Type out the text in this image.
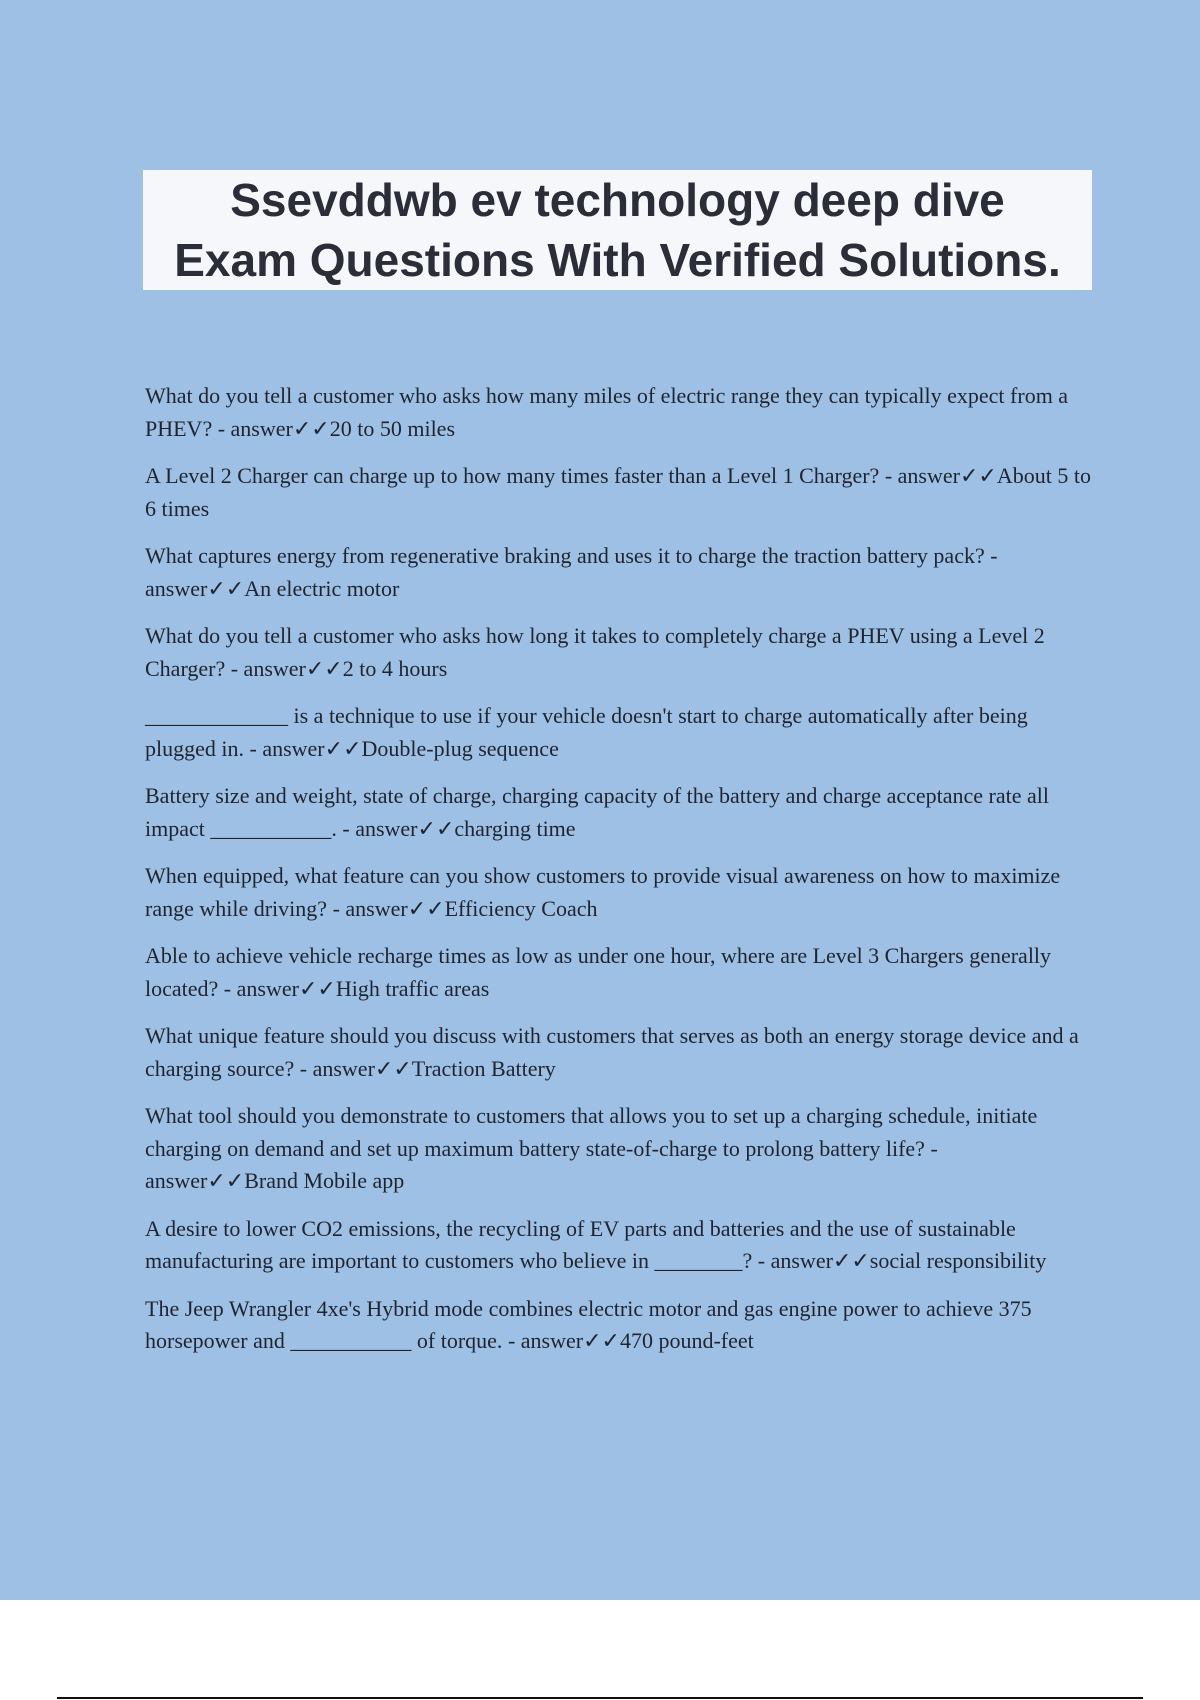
Ssevddwb ev technology deep dive
Exam Questions With Verified Solutions.
What do you tell a customer who asks how many miles of electric range they can typically expect from a PHEV? - answer✓✓20 to 50 miles
A Level 2 Charger can charge up to how many times faster than a Level 1 Charger? - answer✓✓About 5 to 6 times
What captures energy from regenerative braking and uses it to charge the traction battery pack? - answer✓✓An electric motor
What do you tell a customer who asks how long it takes to completely charge a PHEV using a Level 2 Charger? - answer✓✓2 to 4 hours
_____________ is a technique to use if your vehicle doesn't start to charge automatically after being plugged in. - answer✓✓Double-plug sequence
Battery size and weight, state of charge, charging capacity of the battery and charge acceptance rate all impact ___________. - answer✓✓charging time
When equipped, what feature can you show customers to provide visual awareness on how to maximize range while driving? - answer✓✓Efficiency Coach
Able to achieve vehicle recharge times as low as under one hour, where are Level 3 Chargers generally located? - answer✓✓High traffic areas
What unique feature should you discuss with customers that serves as both an energy storage device and a charging source? - answer✓✓Traction Battery
What tool should you demonstrate to customers that allows you to set up a charging schedule, initiate charging on demand and set up maximum battery state-of-charge to prolong battery life? - answer✓✓Brand Mobile app
A desire to lower CO2 emissions, the recycling of EV parts and batteries and the use of sustainable manufacturing are important to customers who believe in ________? - answer✓✓social responsibility
The Jeep Wrangler 4xe's Hybrid mode combines electric motor and gas engine power to achieve 375 horsepower and ___________ of torque. - answer✓✓470 pound-feet
